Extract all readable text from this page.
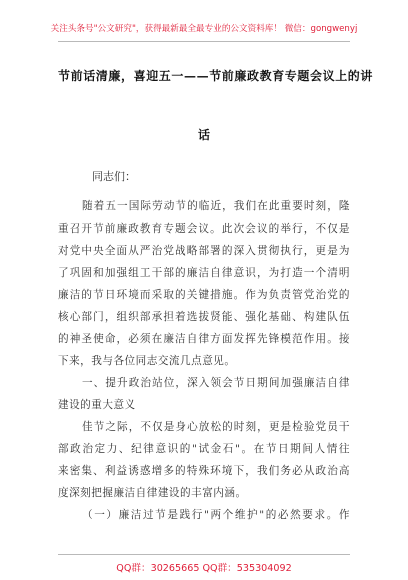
关注头条号"公文研究"，获得最新最全最专业的公文资料库！ 微信：gongwenyj
节前话清廉，喜迎五一——节前廉政教育专题会议上的讲
话
同志们：
随着五一国际劳动节的临近，我们在此重要时刻，隆
重召开节前廉政教育专题会议。此次会议的举行，不仅是
对党中央全面从严治党战略部署的深入贯彻执行，更是为
了巩固和加强组工干部的廉洁自律意识，为打造一个清明
廉洁的节日环境而采取的关键措施。作为负责管党治党的
核心部门，组织部承担着选拔贤能、强化基础、构建队伍
的神圣使命，必须在廉洁自律方面发挥先锋模范作用。接
下来，我与各位同志交流几点意见。
一、提升政治站位，深入领会节日期间加强廉洁自律
建设的重大意义
佳节之际，不仅是身心放松的时刻，更是检验党员干
部政治定力、纪律意识的"试金石"。在节日期间人情往
来密集、利益诱惑增多的特殊环境下，我们务必从政治高
度深刻把握廉洁自律建设的丰富内涵。
（一）廉洁过节是践行"两个维护"的必然要求。作
QQ群：30265665 QQ群：535304092
